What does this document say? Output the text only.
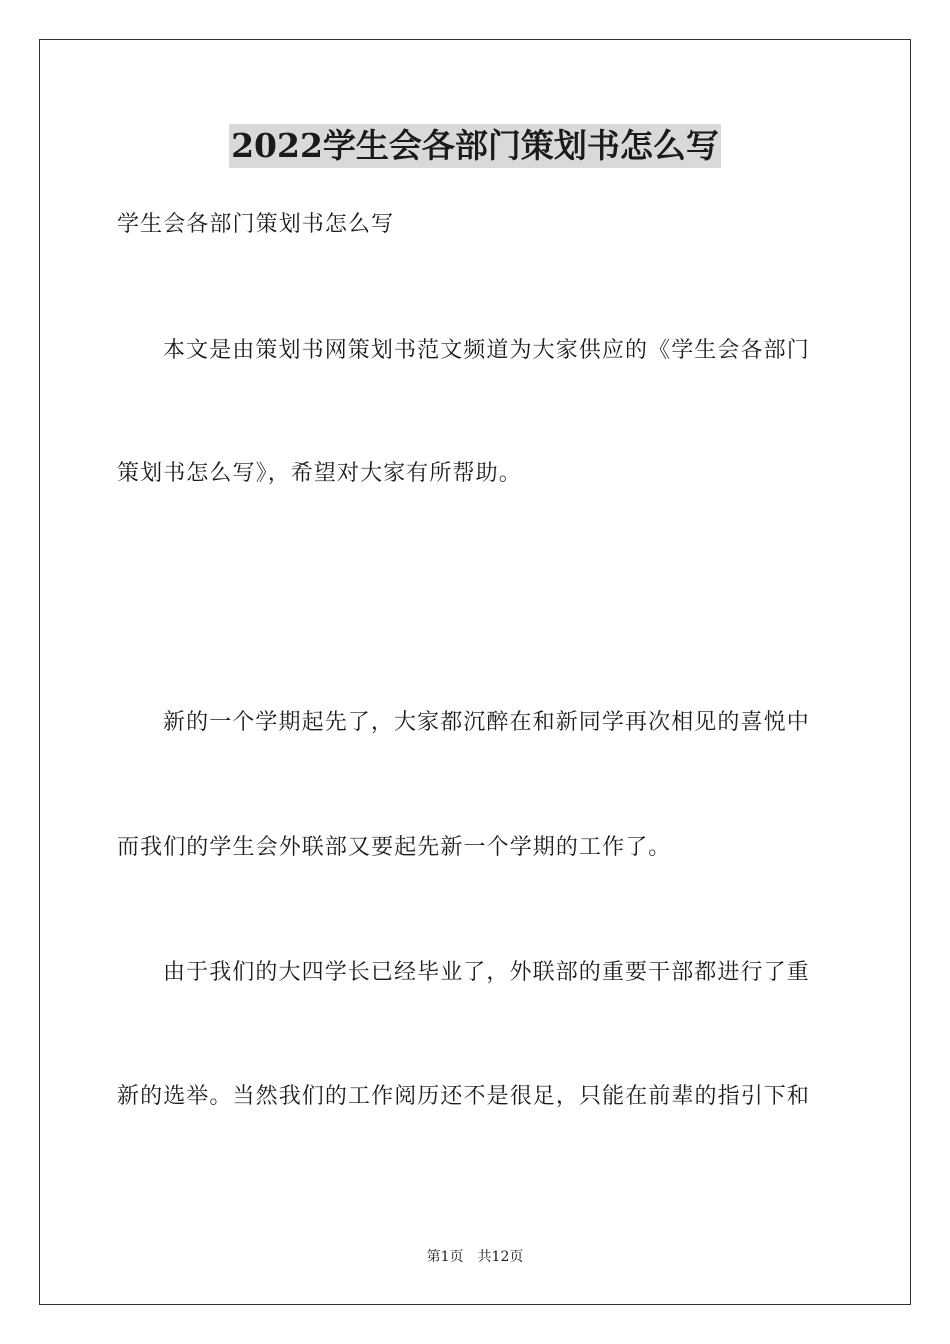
2022学生会各部门策划书怎么写
学生会各部门策划书怎么写
本文是由策划书网策划书范文频道为大家供应的《学生会各部门
策划书怎么写》，希望对大家有所帮助。
新的一个学期起先了，大家都沉醉在和新同学再次相见的喜悦中
而我们的学生会外联部又要起先新一个学期的工作了。
由于我们的大四学长已经毕业了，外联部的重要干部都进行了重
新的选举。当然我们的工作阅历还不是很足，只能在前辈的指引下和
第1页 共12页
